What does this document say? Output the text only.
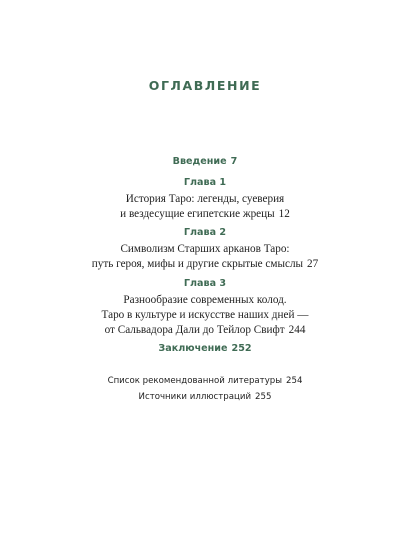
ОГЛАВЛЕНИЕ
Введение 7
Глава 1
История Таро: легенды, суеверия
и вездесущие египетские жрецы 12
Глава 2
Символизм Старших арканов Таро:
путь героя, мифы и другие скрытые смыслы 27
Глава 3
Разнообразие современных колод.
Таро в культуре и искусстве наших дней —
от Сальвадора Дали до Тейлор Свифт 244
Заключение 252
Список рекомендованной литературы 254
Источники иллюстраций 255
